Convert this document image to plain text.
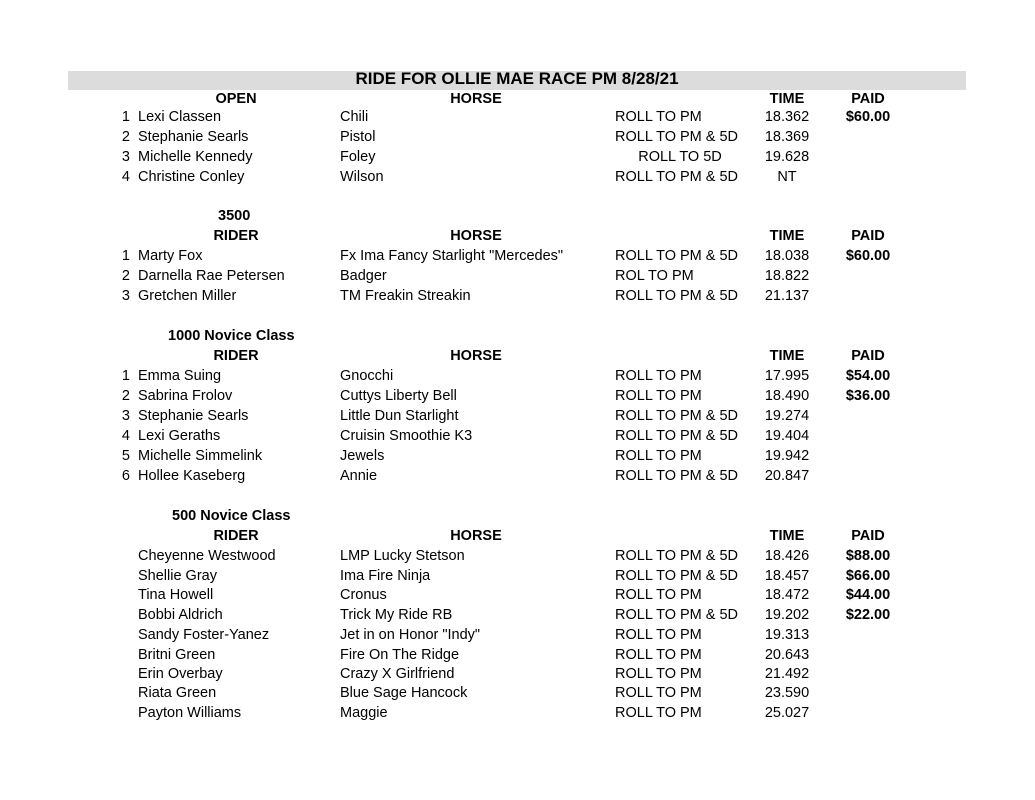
RIDE FOR OLLIE MAE RACE PM 8/28/21
OPEN	HORSE	TIME	PAID
1 Lexi Classen	Chili	ROLL TO PM	18.362	$60.00
2 Stephanie Searls	Pistol	ROLL TO PM & 5D	18.369
3 Michelle Kennedy	Foley	ROLL TO 5D	19.628
4 Christine Conley	Wilson	ROLL TO PM & 5D	NT
3500
RIDER	HORSE	TIME	PAID
1 Marty Fox	Fx Ima Fancy Starlight "Mercedes"	ROLL TO PM & 5D	18.038	$60.00
2 Darnella Rae Petersen	Badger	ROL TO PM	18.822
3 Gretchen Miller	TM Freakin Streakin	ROLL TO PM & 5D	21.137
1000 Novice Class
RIDER	HORSE	TIME	PAID
1 Emma Suing	Gnocchi	ROLL TO PM	17.995	$54.00
2 Sabrina Frolov	Cuttys Liberty Bell	ROLL TO PM	18.490	$36.00
3 Stephanie Searls	Little Dun Starlight	ROLL TO PM & 5D	19.274
4 Lexi Geraths	Cruisin Smoothie K3	ROLL TO PM & 5D	19.404
5 Michelle Simmelink	Jewels	ROLL TO PM	19.942
6 Hollee Kaseberg	Annie	ROLL TO PM & 5D	20.847
500 Novice Class
RIDER	HORSE	TIME	PAID
Cheyenne Westwood	LMP Lucky Stetson	ROLL TO PM & 5D	18.426	$88.00
Shellie Gray	Ima Fire Ninja	ROLL TO PM & 5D	18.457	$66.00
Tina Howell	Cronus	ROLL TO PM	18.472	$44.00
Bobbi Aldrich	Trick My Ride RB	ROLL TO PM & 5D	19.202	$22.00
Sandy Foster-Yanez	Jet in on Honor "Indy"	ROLL TO PM	19.313
Britni Green	Fire On The Ridge	ROLL TO PM	20.643
Erin Overbay	Crazy X Girlfriend	ROLL TO PM	21.492
Riata Green	Blue Sage Hancock	ROLL TO PM	23.590
Payton Williams	Maggie	ROLL TO PM	25.027
